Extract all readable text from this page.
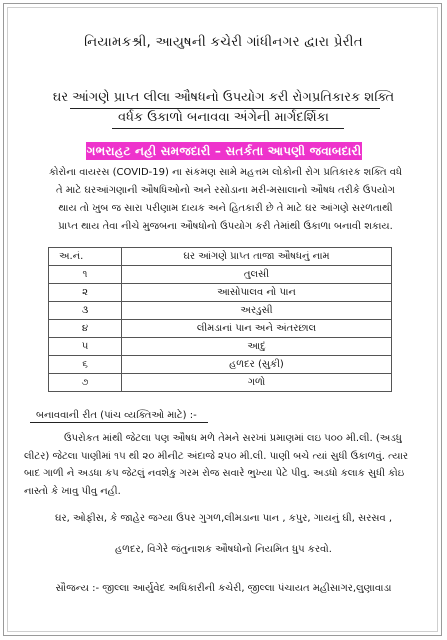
નિયામકશ્રી, આયુષની કચેરી ગાંધીનગર દ્વારા પ્રેરીત
ઘર આંગણે પ્રાપ્ત લીલા ઔષધનો ઉપયોગ કરી રોગપ્રતિકારક શક્તિ
વર્ધક ઉકાળો બનાવવા અંગેની માર્ગદર્શિકા
ગભરાહટ નહી સમજદારી – સતર્કતા આપણી જવાબદારી
કોરોના વાયરસ (COVID-19) ના સંકમણ સામે મહત્તમ લોકોની રોગ પ્રતિકારક શક્તિ વધે
તે માટે ઘરઆંગણાની ઔષધિઓનો અને રસોડાના મરી-મસાલાનો ઔષધ તરીકે ઉપયોગ
થાય તો ખુબ જ સારા પરીણામ દાયક અને હિતકારી છે તે માટે ઘર આંગણે સરળતાથી
પ્રાપ્ત થાય તેવા નીચે મુજબના ઔષધોનો ઉપયોગ કરી તેમાંથી ઉકાળા બનાવી શકાય.
અ.નં.	ઘર આંગણે પ્રાપ્ત તાજા ઔષધનું નામ
૧	તુલસી
૨	આસોપાલવ નો પાન
૩	અરડુસી
૪	લીમડાનાં પાન અને અંતરછાલ
૫	આદું
૬	હળદર (સુકી)
૭	ગળો
બનાવવાની રીત (પાંચ વ્યક્તિઓ માટે) :-

ઉપરોકત માંથી જેટલા પણ ઔષધ મળે તેમને સરખાં પ્રમાણમાં લઇ ૫૦૦ મી.લી. (અડધુ લીટર) જેટલા પાણીમાં ૧૫ થી ૨૦ મીનીટ અંદાજે ૨૫૦ મી.લી. પાણી બચે ત્યાં સુધી ઉકાળવું. ત્યાર બાદ ગાળી ને અડધા કપ જેટલું નવશેકુ ગરમ રોજ સવારે ભુખ્યા પેટે પીવુ. અડધો કલાક સુધી કોઇ નાસ્તો કે ખાવુ પીવુ નહી.

ઘર, ઓફીસ, કે જાહેર જગ્યા ઉપર ગુગળ,લીમડાના પાન , કપુર, ગાયનું ઘી, સરસવ ,
હળદર, વિગેરે જંતુનાશક ઔષધોનો નિયમિત ધુપ કરવો.
સૌજન્ય :- જીલ્લા આર્યુવેદ અધિકારીની કચેરી, જીલ્લા પંચાયત મહીસાગર,લુણાવાડા
